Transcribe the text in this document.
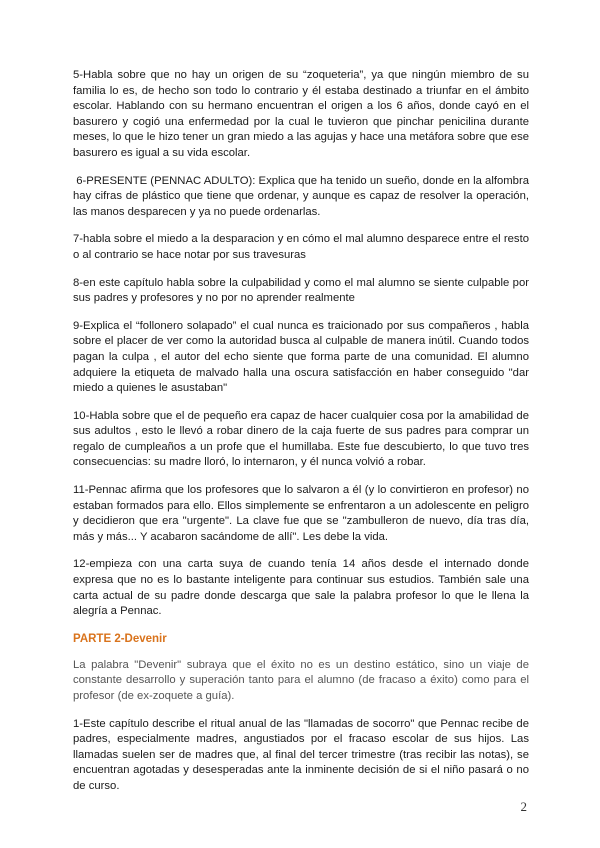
5-Habla sobre que no hay un origen de su “zoqueteria”, ya que ningún miembro de su familia lo es, de hecho son todo lo contrario y él estaba destinado a triunfar en el ámbito escolar. Hablando con su hermano encuentran el origen a los 6 años, donde cayó en el basurero y cogió una enfermedad por la cual le tuvieron que pinchar penicilina durante meses, lo que le hizo tener un gran miedo a las agujas y hace una metáfora sobre que ese basurero es igual a su vida escolar.

6-PRESENTE (PENNAC ADULTO): Explica que ha tenido un sueño, donde en la alfombra hay cifras de plástico que tiene que ordenar, y aunque es capaz de resolver la operación, las manos desparecen y ya no puede ordenarlas.

7-habla sobre el miedo a la desparacion y en cómo el mal alumno desparece entre el resto o al contrario se hace notar por sus travesuras

8-en este capítulo habla sobre la culpabilidad y como el mal alumno se siente culpable por sus padres y profesores y no por no aprender realmente

9-Explica el “follonero solapado” el cual nunca es traicionado por sus compañeros , habla sobre el placer de ver como la autoridad busca al culpable de manera inútil. Cuando todos pagan la culpa , el autor del echo siente que forma parte de una comunidad. El alumno adquiere la etiqueta de malvado halla una oscura satisfacción en haber conseguido "dar miedo a quienes le asustaban"

10-Habla sobre que el de pequeño era capaz de hacer cualquier cosa por la amabilidad de sus adultos , esto le llevó a robar dinero de la caja fuerte de sus padres para comprar un regalo de cumpleaños a un profe que el humillaba. Este fue descubierto, lo que tuvo tres consecuencias: su madre lloró, lo internaron, y él nunca volvió a robar.

11-Pennac afirma que los profesores que lo salvaron a él (y lo convirtieron en profesor) no estaban formados para ello. Ellos simplemente se enfrentaron a un adolescente en peligro y decidieron que era "urgente". La clave fue que se "zambulleron de nuevo, día tras día, más y más... Y acabaron sacándome de allí". Les debe la vida.

12-empieza con una carta suya de cuando tenía 14 años desde el internado donde expresa que no es lo bastante inteligente para continuar sus estudios. También sale una carta actual de su padre donde descarga que sale la palabra profesor lo que le llena la alegría a Pennac.

PARTE 2-Devenir

La palabra "Devenir" subraya que el éxito no es un destino estático, sino un viaje de constante desarrollo y superación tanto para el alumno (de fracaso a éxito) como para el profesor (de ex-zoquete a guía).

1-Este capítulo describe el ritual anual de las "llamadas de socorro" que Pennac recibe de padres, especialmente madres, angustiados por el fracaso escolar de sus hijos. Las llamadas suelen ser de madres que, al final del tercer trimestre (tras recibir las notas), se encuentran agotadas y desesperadas ante la inminente decisión de si el niño pasará o no de curso.

2
